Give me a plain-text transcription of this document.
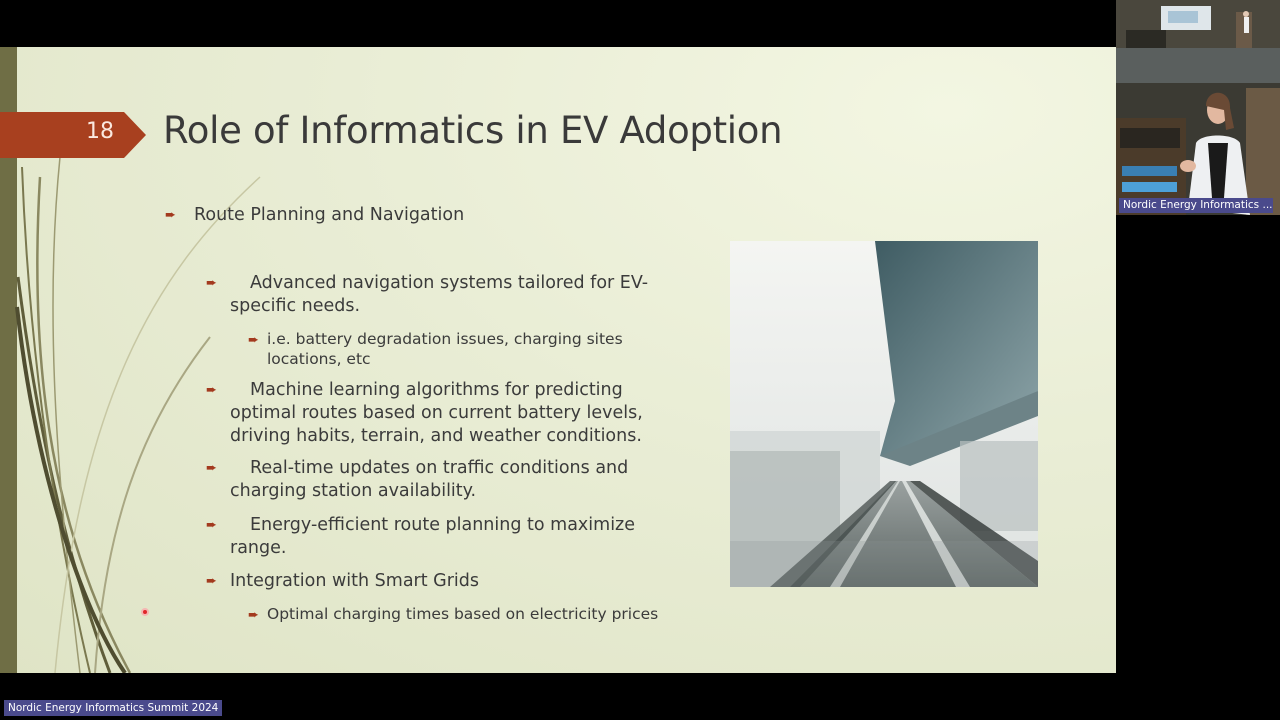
18	Role of Informatics in EV Adoption
➨	Route Planning and Navigation
➨	Advanced navigation systems tailored for EV-specific needs.
➨ i.e. battery degradation issues, charging sites locations, etc
➨	Machine learning algorithms for predicting optimal routes based on current battery levels, driving habits, terrain, and weather conditions.
➨	Real-time updates on traffic conditions and charging station availability.
➨	Energy-efficient route planning to maximize range.
➨ Integration with Smart Grids
➨ Optimal charging times based on electricity prices
Nordic Energy Informatics ...
Nordic Energy Informatics Summit 2024
